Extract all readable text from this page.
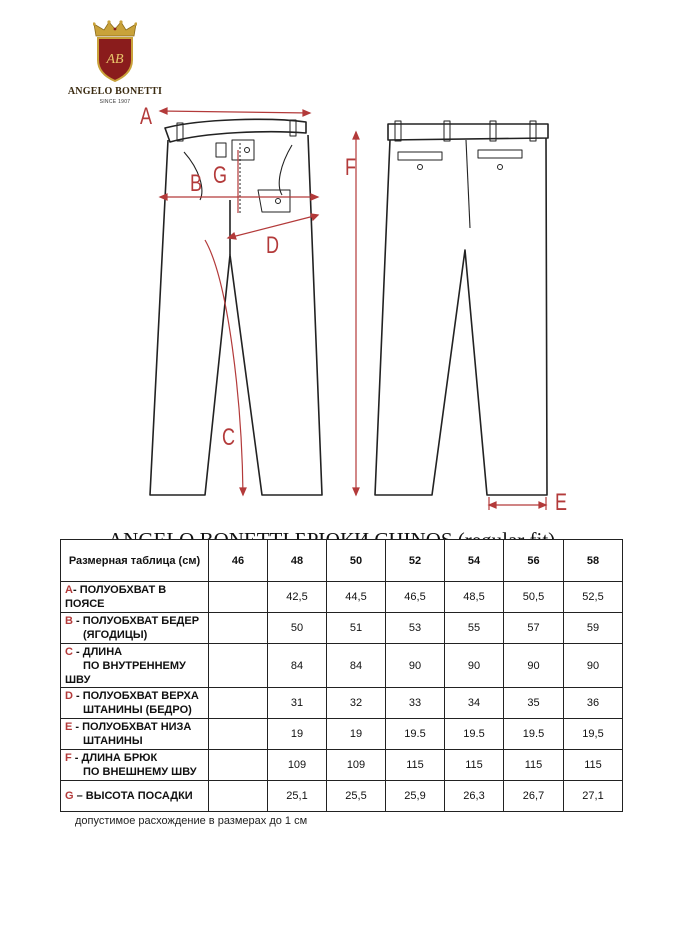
AB
ANGELO BONETTI
SINCE 1907
A
B G
D
C
F
E
Размерная таблица (см)	46	48	50	52	54	56	58

A- ПОЛУОБХВАТ В
ПОЯСЕ		42,5	44,5	46,5	48,5	50,5	52,5

B - ПОЛУОБХВАТ БЕДЕР
(ЯГОДИЦЫ)		50	51	53	55	57	59

C - ДЛИНА
ПО ВНУТРЕННЕМУ
ШВУ		84	84	90	90	90	90

D - ПОЛУОБХВАТ ВЕРХА
ШТАНИНЫ (БЕДРО)		31	32	33	34	35	36

E - ПОЛУОБХВАТ НИЗА
ШТАНИНЫ		19	19	19.5	19.5	19.5	19,5

F - ДЛИНА БРЮК
ПО ВНЕШНЕМУ ШВУ		109	109	115	115	115	115

G – ВЫСОТА ПОСАДКИ		25,1	25,5	25,9	26,3	26,7	27,1
допустимое расхождение в размерах до 1 см
